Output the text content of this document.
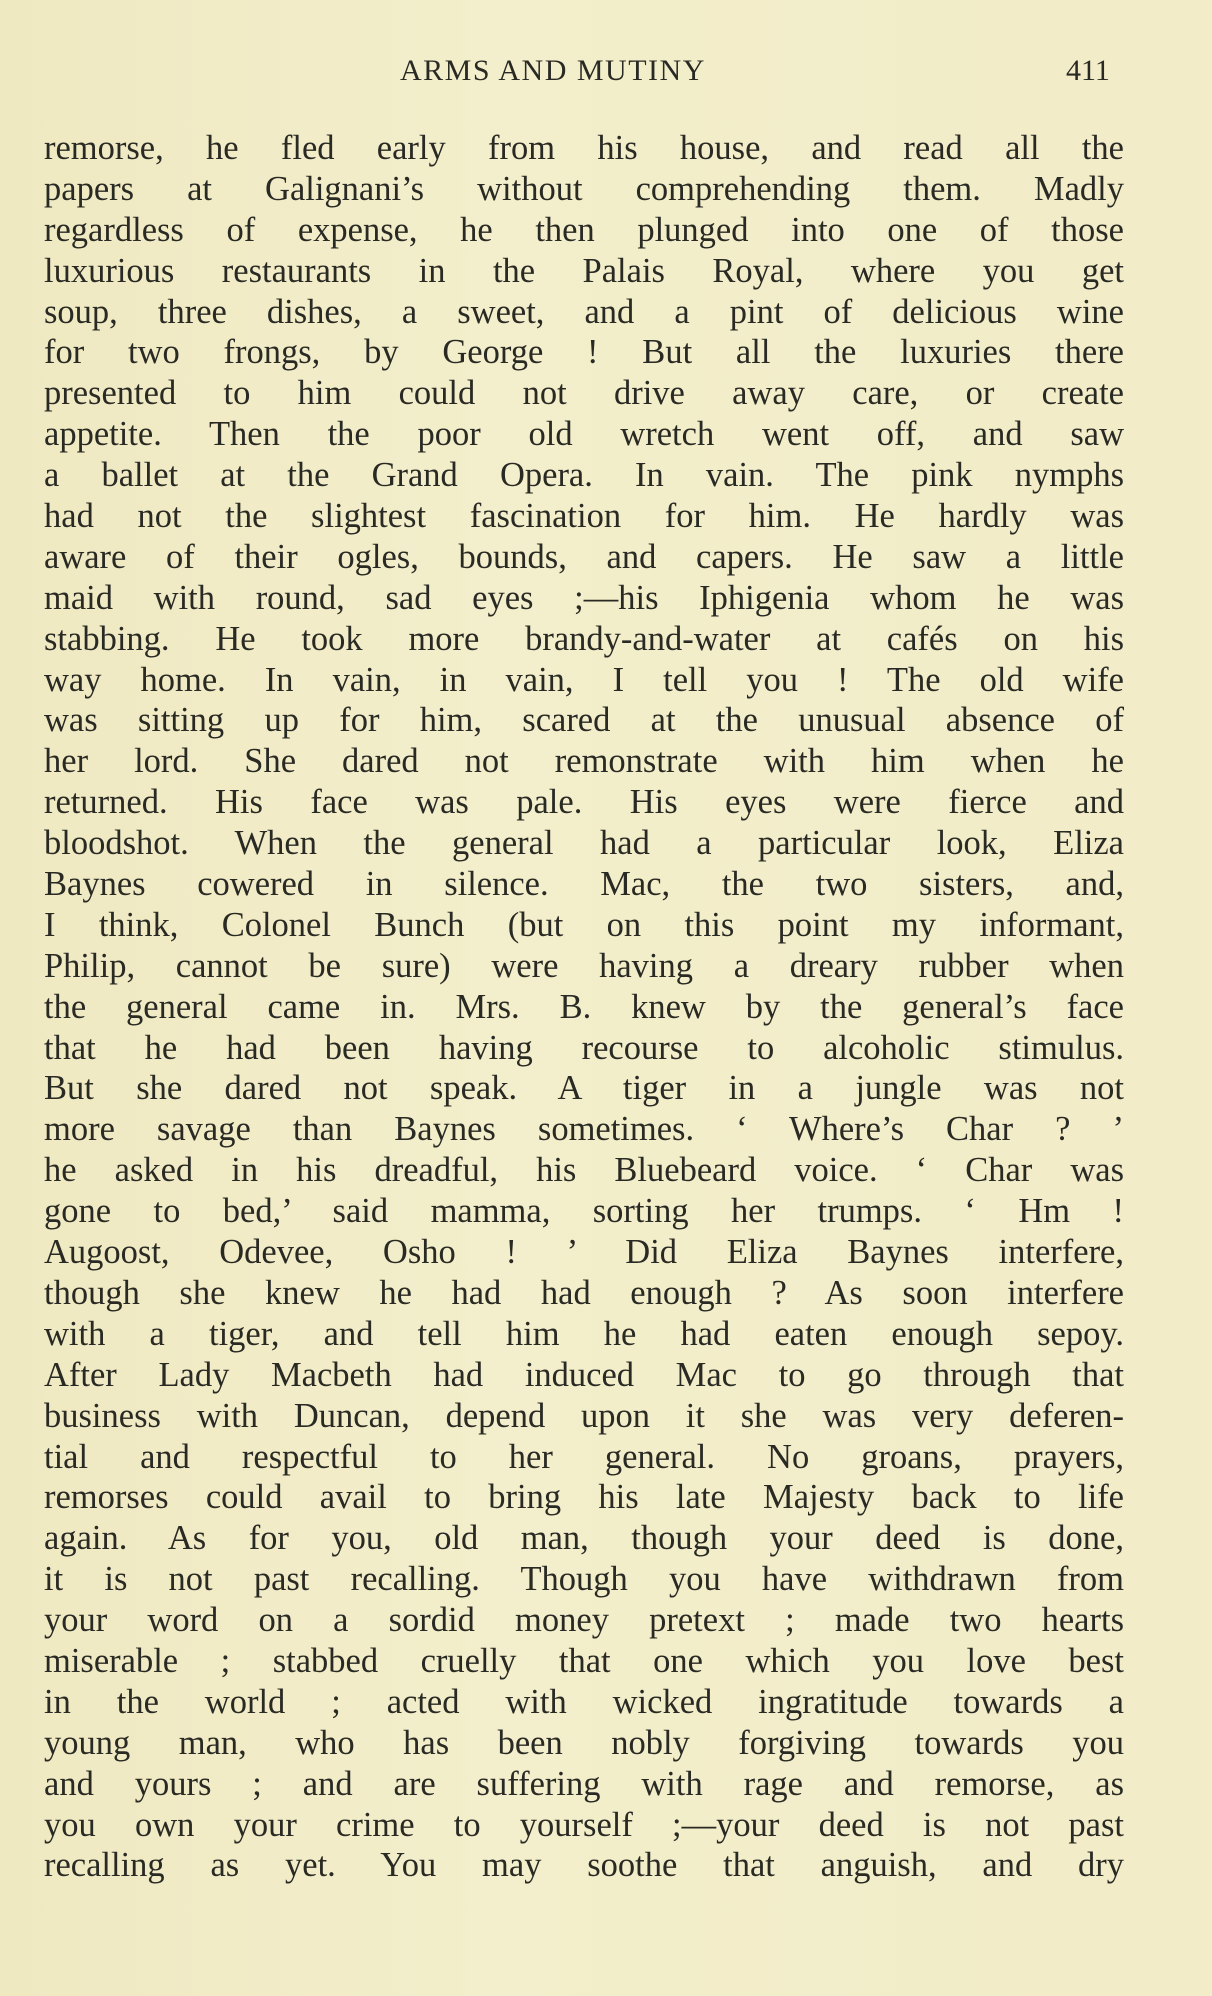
ARMS AND MUTINY	411
remorse, he fled early from his house, and read all the
papers at Galignani’s without comprehending them. Madly
regardless of expense, he then plunged into one of those
luxurious restaurants in the Palais Royal, where you get
soup, three dishes, a sweet, and a pint of delicious wine
for two frongs, by George ! But all the luxuries there
presented to him could not drive away care, or create
appetite. Then the poor old wretch went off, and saw
a ballet at the Grand Opera. In vain. The pink nymphs
had not the slightest fascination for him. He hardly was
aware of their ogles, bounds, and capers. He saw a little
maid with round, sad eyes ;—his Iphigenia whom he was
stabbing. He took more brandy-and-water at cafés on his
way home. In vain, in vain, I tell you ! The old wife
was sitting up for him, scared at the unusual absence of
her lord. She dared not remonstrate with him when he
returned. His face was pale. His eyes were fierce and
bloodshot. When the general had a particular look, Eliza
Baynes cowered in silence. Mac, the two sisters, and,
I think, Colonel Bunch (but on this point my informant,
Philip, cannot be sure) were having a dreary rubber when
the general came in. Mrs. B. knew by the general’s face
that he had been having recourse to alcoholic stimulus.
But she dared not speak. A tiger in a jungle was not
more savage than Baynes sometimes. ‘ Where’s Char ? ’
he asked in his dreadful, his Bluebeard voice. ‘ Char was
gone to bed,’ said mamma, sorting her trumps. ‘ Hm !
Augoost, Odevee, Osho ! ’ Did Eliza Baynes interfere,
though she knew he had had enough ? As soon interfere
with a tiger, and tell him he had eaten enough sepoy.
After Lady Macbeth had induced Mac to go through that
business with Duncan, depend upon it she was very deferen-
tial and respectful to her general. No groans, prayers,
remorses could avail to bring his late Majesty back to life
again. As for you, old man, though your deed is done,
it is not past recalling. Though you have withdrawn from
your word on a sordid money pretext ; made two hearts
miserable ; stabbed cruelly that one which you love best
in the world ; acted with wicked ingratitude towards a
young man, who has been nobly forgiving towards you
and yours ; and are suffering with rage and remorse, as
you own your crime to yourself ;—your deed is not past
recalling as yet. You may soothe that anguish, and dry
